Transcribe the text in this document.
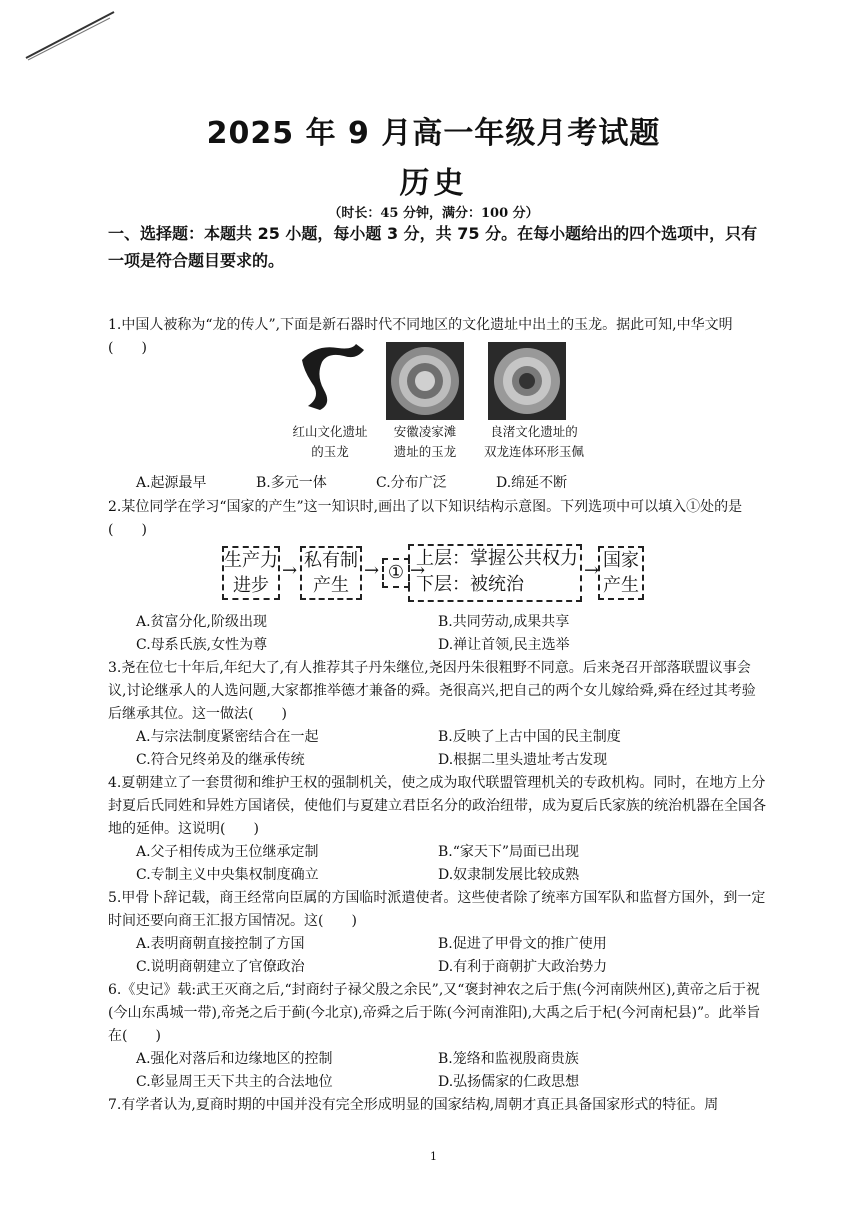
2025 年 9 月高一年级月考试题
历史
（时长：45 分钟，满分：100 分）
一、选择题：本题共 25 小题，每小题 3 分，共 75 分。在每小题给出的四个选项中，只有一项是符合题目要求的。
1.中国人被称为“龙的传人”,下面是新石器时代不同地区的文化遗址中出土的玉龙。据此可知,中华文明(　　)
红山文化遗址
的玉龙
安徽凌家滩
遗址的玉龙
良渚文化遗址的
双龙连体环形玉佩
A.起源最早	B.多元一体	C.分布广泛	D.绵延不断
2.某位同学在学习“国家的产生”这一知识时,画出了以下知识结构示意图。下列选项中可以填入①处的是(　　)
生产力
进步
→ 私有制
产生
→ ① →
上层：掌握公共权力
下层：被统治
→ 国家
产生
A.贫富分化,阶级出现	B.共同劳动,成果共享
C.母系氏族,女性为尊	D.禅让首领,民主选举
3.尧在位七十年后,年纪大了,有人推荐其子丹朱继位,尧因丹朱很粗野不同意。后来尧召开部落联盟议事会议,讨论继承人的人选问题,大家都推举德才兼备的舜。尧很高兴,把自己的两个女儿嫁给舜,舜在经过其考验后继承其位。这一做法(　　)
A.与宗法制度紧密结合在一起	B.反映了上古中国的民主制度
C.符合兄终弟及的继承传统	D.根据二里头遗址考古发现
4.夏朝建立了一套贯彻和维护王权的强制机关，使之成为取代联盟管理机关的专政机构。同时，在地方上分封夏后氏同姓和异姓方国诸侯，使他们与夏建立君臣名分的政治纽带，成为夏后氏家族的统治机器在全国各地的延伸。这说明(　　)
A.父子相传成为王位继承定制	B.“家天下”局面已出现
C.专制主义中央集权制度确立	D.奴隶制发展比较成熟
5.甲骨卜辞记载，商王经常向臣属的方国临时派遣使者。这些使者除了统率方国军队和监督方国外，到一定时间还要向商王汇报方国情况。这(　　)
A.表明商朝直接控制了方国	B.促进了甲骨文的推广使用
C.说明商朝建立了官僚政治	D.有利于商朝扩大政治势力
6.《史记》载:武王灭商之后,“封商纣子禄父殷之余民”,又“褒封神农之后于焦(今河南陕州区),黄帝之后于祝(今山东禹城一带),帝尧之后于蓟(今北京),帝舜之后于陈(今河南淮阳),大禹之后于杞(今河南杞县)”。此举旨在(　　)
A.强化对落后和边缘地区的控制	B.笼络和监视殷商贵族
C.彰显周王天下共主的合法地位	D.弘扬儒家的仁政思想
7.有学者认为,夏商时期的中国并没有完全形成明显的国家结构,周朝才真正具备国家形式的特征。周
1
